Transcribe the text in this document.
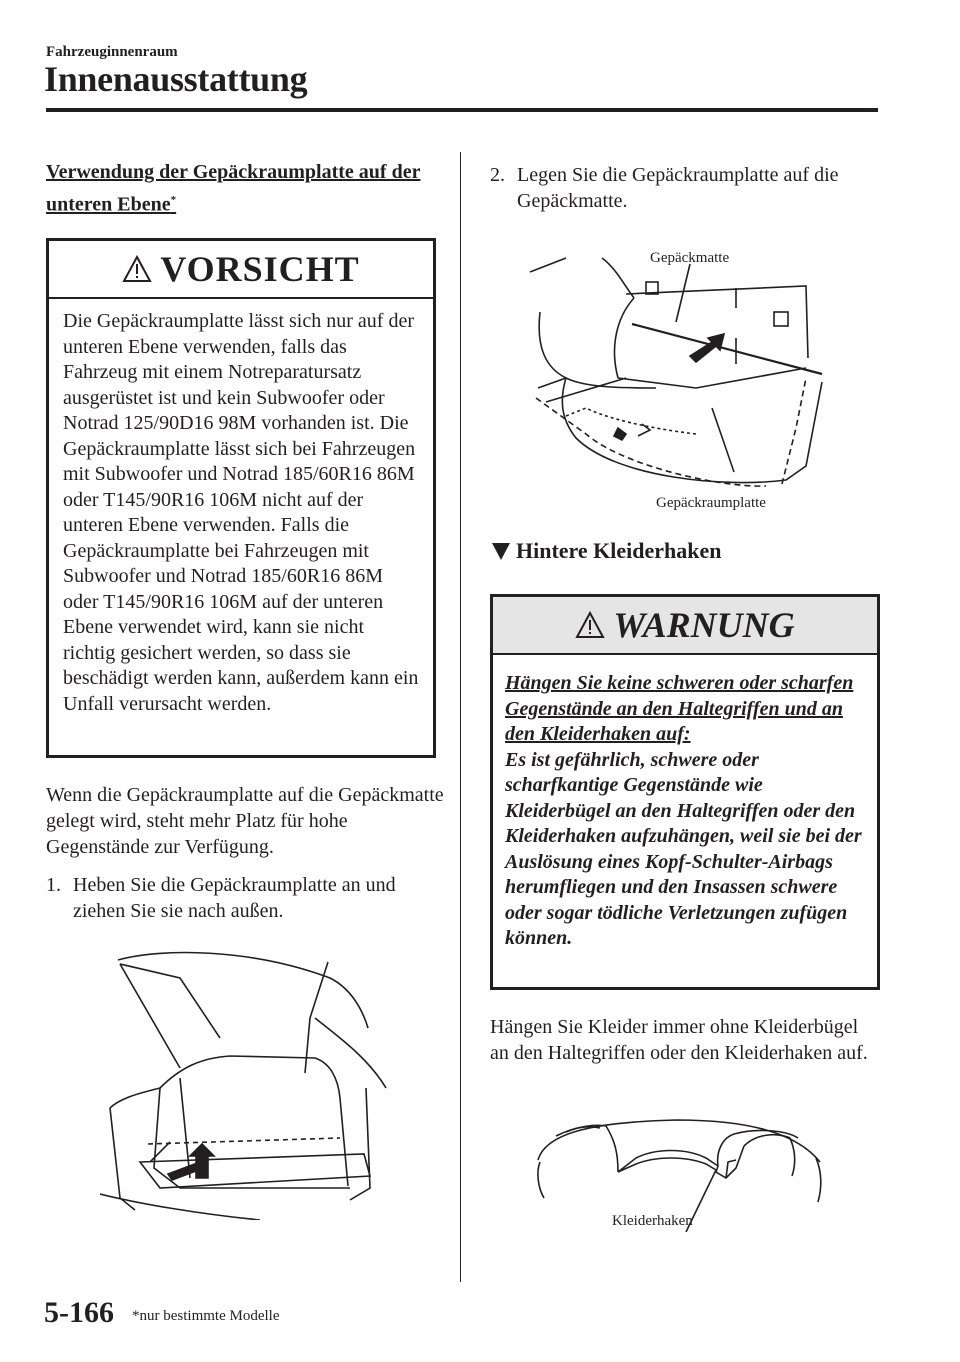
Fahrzeuginnenraum
Innenausstattung
Verwendung der Gepäckraumplatte auf der unteren Ebene*
VORSICHT
Die Gepäckraumplatte lässt sich nur auf der unteren Ebene verwenden, falls das Fahrzeug mit einem Notreparatursatz ausgerüstet ist und kein Subwoofer oder Notrad 125/90D16 98M vorhanden ist. Die Gepäckraumplatte lässt sich bei Fahrzeugen mit Subwoofer und Notrad 185/60R16 86M oder T145/90R16 106M nicht auf der unteren Ebene verwenden. Falls die Gepäckraumplatte bei Fahrzeugen mit Subwoofer und Notrad 185/60R16 86M oder T145/90R16 106M auf der unteren Ebene verwendet wird, kann sie nicht richtig gesichert werden, so dass sie beschädigt werden kann, außerdem kann ein Unfall verursacht werden.
Wenn die Gepäckraumplatte auf die Gepäckmatte gelegt wird, steht mehr Platz für hohe Gegenstände zur Verfügung.
1. Heben Sie die Gepäckraumplatte an und ziehen Sie sie nach außen.
2. Legen Sie die Gepäckraumplatte auf die Gepäckmatte.
Gepäckmatte
Gepäckraumplatte
Hintere Kleiderhaken
WARNUNG
Hängen Sie keine schweren oder scharfen Gegenstände an den Haltegriffen und an den Kleiderhaken auf:
Es ist gefährlich, schwere oder scharfkantige Gegenstände wie Kleiderbügel an den Haltegriffen oder den Kleiderhaken aufzuhängen, weil sie bei der Auslösung eines Kopf-Schulter-Airbags herumfliegen und den Insassen schwere oder sogar tödliche Verletzungen zufügen können.
Hängen Sie Kleider immer ohne Kleiderbügel an den Haltegriffen oder den Kleiderhaken auf.
Kleiderhaken
5-166 *nur bestimmte Modelle
